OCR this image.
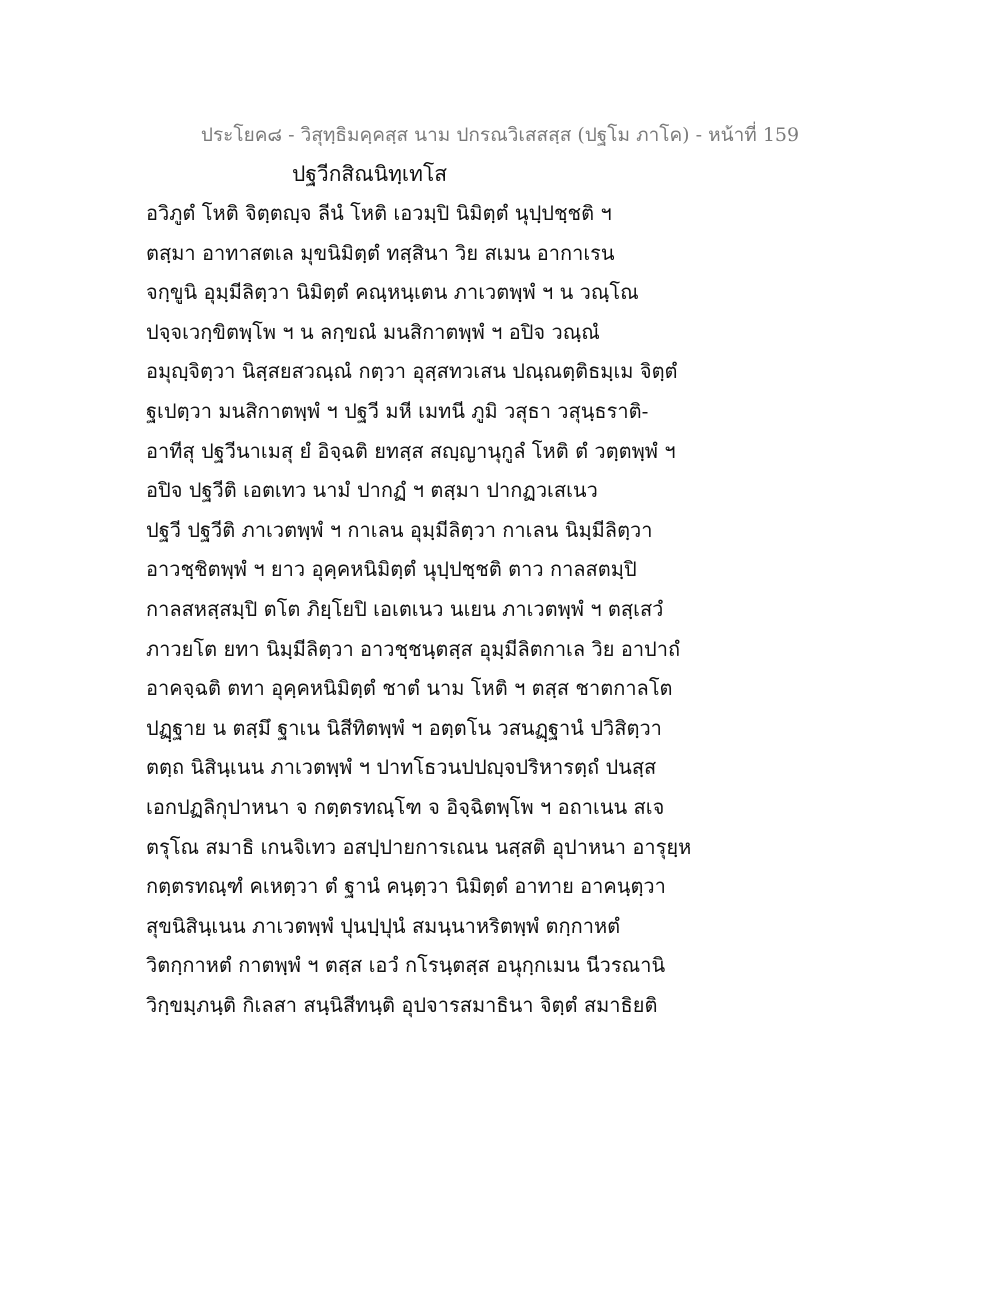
ประโยค๘ - วิสุทฺธิมคฺคสฺส นาม ปกรณวิเสสสฺส (ปฐโม ภาโค) - หน้าที่ 159
ปฐวีกสิณนิทฺเทโส
อวิภูตํ โหติ จิตฺตญฺจ ลีนํ โหติ เอวมฺปิ นิมิตฺตํ นุปฺปชฺชติ ฯ
ตสฺมา อาทาสตเล มุขนิมิตฺตํ ทสฺสินา วิย สเมน อากาเรน
จกฺขูนิ อุมฺมีลิตฺวา นิมิตฺตํ คณฺหนฺเตน ภาเวตพฺพํ ฯ น วณฺโณ
ปจฺจเวกฺขิตพฺโพ ฯ น ลกฺขณํ มนสิกาตพฺพํ ฯ อปิจ วณฺณํ
อมุญฺจิตฺวา นิสฺสยสวณฺณํ กตฺวา อุสฺสทวเสน ปณฺณตฺติธมฺเม จิตฺตํ
ฐเปตฺวา มนสิกาตพฺพํ ฯ ปฐวี มหี เมทนี ภูมิ วสุธา วสุนฺธราติ-
อาทีสุ ปฐวีนาเมสุ ยํ อิจฺฉติ ยทสฺส สญฺญานุกูลํ โหติ ตํ วตฺตพฺพํ ฯ
อปิจ ปฐวีติ เอตเทว นามํ ปากฏํ ฯ ตสฺมา ปากฏวเสเนว
ปฐวี ปฐวีติ ภาเวตพฺพํ ฯ กาเลน อุมฺมีลิตฺวา กาเลน นิมฺมีลิตฺวา
อาวชฺชิตพฺพํ ฯ ยาว อุคฺคหนิมิตฺตํ นุปฺปชฺชติ ตาว กาลสตมฺปิ
กาลสหสฺสมฺปิ ตโต ภิยฺโยปิ เอเตเนว นเยน ภาเวตพฺพํ ฯ ตสฺเสวํ
ภาวยโต ยทา นิมฺมีลิตฺวา อาวชฺชนฺตสฺส อุมฺมีลิตกาเล วิย อาปาถํ
อาคจฺฉติ ตทา อุคฺคหนิมิตฺตํ ชาตํ นาม โหติ ฯ ตสฺส ชาตกาลโต
ปฏฺฐาย น ตสฺมึ ฐาเน นิสีทิตพฺพํ ฯ อตฺตโน วสนฏฺฐานํ ปวิสิตฺวา
ตตฺถ นิสินฺเนน ภาเวตพฺพํ ฯ ปาทโธวนปปญฺจปริหารตฺถํ ปนสฺส
เอกปฏลิกุปาหนา จ กตฺตรทณฺโฑ จ อิจฺฉิตพฺโพ ฯ อถาเนน สเจ
ตรุโณ สมาธิ เกนจิเทว อสปฺปายการเณน นสฺสติ อุปาหนา อารุยฺห
กตฺตรทณฺฑํ คเหตฺวา ตํ ฐานํ คนฺตฺวา นิมิตฺตํ อาทาย อาคนฺตฺวา
สุขนิสินฺเนน ภาเวตพฺพํ ปุนปฺปุนํ สมนฺนาหริตพฺพํ ตกฺกาหตํ
วิตกฺกาหตํ กาตพฺพํ ฯ ตสฺส เอวํ กโรนฺตสฺส อนุกฺกเมน นีวรณานิ
วิกฺขมฺภนฺติ กิเลสา สนฺนิสีทนฺติ อุปจารสมาธินา จิตฺตํ สมาธิยติ
